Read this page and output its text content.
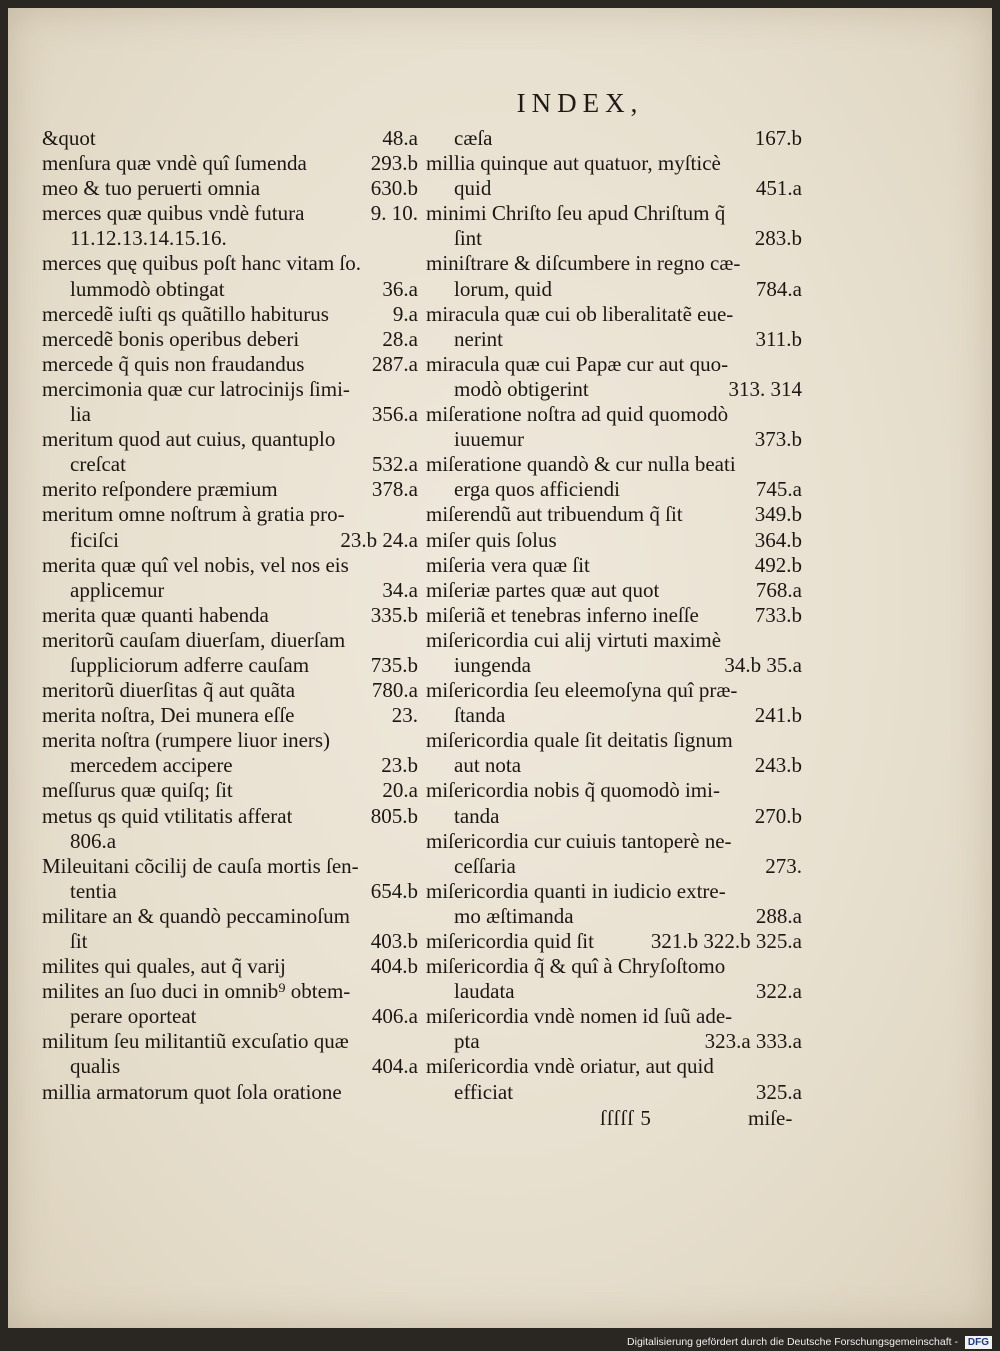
INDEX,
&quot	48.a
menſura quæ vndè quî ſumenda	293.b
meo & tuo peruerti omnia	630.b
merces quæ quibus vndè futura	9. 10.
11.12.13.14.15.16.
merces quę quibus poſt hanc vitam ſo.
lummodò obtingat	36.a
mercedẽ iuſti qs quãtillo habiturus	9.a
mercedẽ bonis operibus deberi	28.a
mercede q̃ quis non fraudandus	287.a
mercimonia quæ cur latrocinijs ſimi-
lia	356.a
meritum quod aut cuius, quantuplo
creſcat	532.a
merito reſpondere præmium	378.a
meritum omne noſtrum à gratia pro-
ficiſci	23.b 24.a
merita quæ quî vel nobis, vel nos eis
applicemur	34.a
merita quæ quanti habenda	335.b
meritorũ cauſam diuerſam, diuerſam
ſuppliciorum adferre cauſam	735.b
meritorũ diuerſitas q̃ aut quãta	780.a
merita noſtra, Dei munera eſſe	23.
merita noſtra (rumpere liuor iners)
mercedem accipere	23.b
meſſurus quæ quiſq; ſit	20.a
metus qs quid vtilitatis afferat	805.b
806.a
Mileuitani cõcilij de cauſa mortis ſen-
tentia	654.b
militare an & quandò peccaminoſum
ſit	403.b
milites qui quales, aut q̃ varij	404.b
milites an ſuo duci in omnib⁹ obtem-
perare oporteat	406.a
militum ſeu militantiũ excuſatio quæ
qualis	404.a
millia armatorum quot ſola oratione
cæſa	167.b
millia quinque aut quatuor, myſticè
quid	451.a
minimi Chriſto ſeu apud Chriſtum q̃
ſint	283.b
miniſtrare & diſcumbere in regno cæ-
lorum, quid	784.a
miracula quæ cui ob liberalitatẽ eue-
nerint	311.b
miracula quæ cui Papæ cur aut quo-
modò obtigerint	313. 314
miſeratione noſtra ad quid quomodò
iuuemur	373.b
miſeratione quandò & cur nulla beati
erga quos afficiendi	745.a
miſerendũ aut tribuendum q̃ ſit	349.b
miſer quis ſolus	364.b
miſeria vera quæ ſit	492.b
miſeriæ partes quæ aut quot	768.a
miſeriã et tenebras inferno ineſſe	733.b
miſericordia cui alij virtuti maximè
iungenda	34.b 35.a
miſericordia ſeu eleemoſyna quî præ-
ſtanda	241.b
miſericordia quale ſit deitatis ſignum
aut nota	243.b
miſericordia nobis q̃ quomodò imi-
tanda	270.b
miſericordia cur cuiuis tantoperè ne-
ceſſaria	273.
miſericordia quanti in iudicio extre-
mo æſtimanda	288.a
miſericordia quid ſit	321.b 322.b 325.a
miſericordia q̃ & quî à Chryſoſtomo
laudata	322.a
miſericordia vndè nomen id ſuũ ade-
pta	323.a 333.a
miſericordia vndè oriatur, aut quid
efficiat	325.a
ſſſſſ 5	miſe-
Digitalisierung gefördert durch die Deutsche Forschungsgemeinschaft - DFG
